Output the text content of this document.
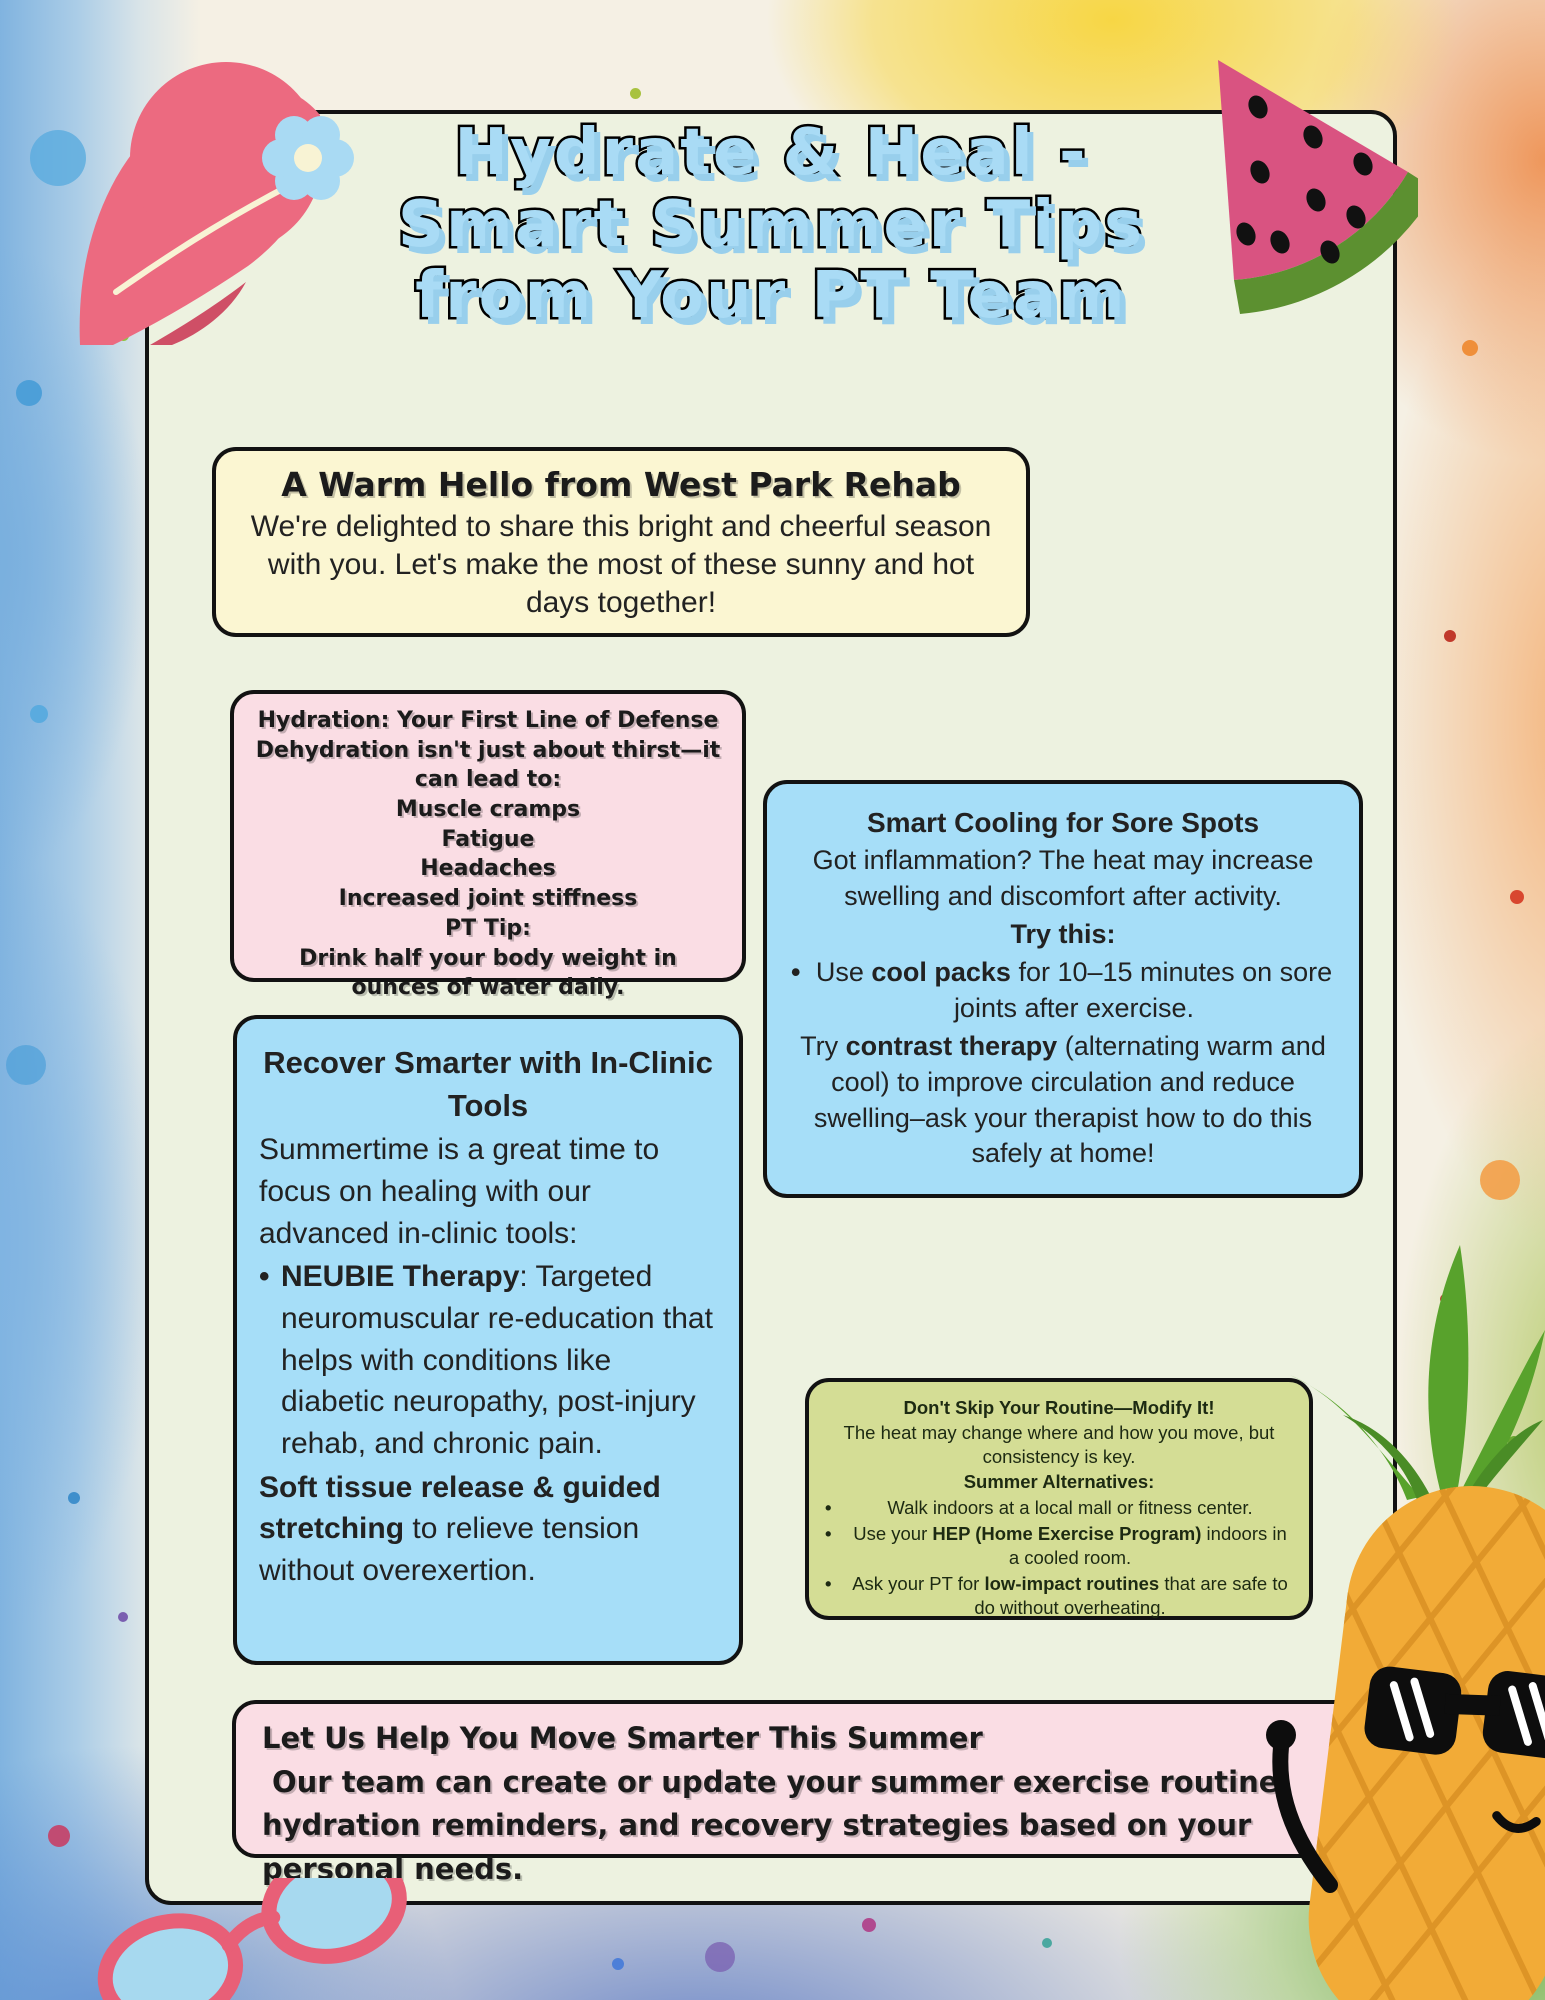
Hydrate & Heal -
Smart Summer Tips
from Your PT Team
A Warm Hello from West Park Rehab

We're delighted to share this bright and cheerful season with you. Let's make the most of these sunny and hot days together!

Hydration: Your First Line of Defense
Dehydration isn't just about thirst—it can lead to:
Muscle cramps
Fatigue
Headaches
Increased joint stiffness
PT Tip:
Drink half your body weight in ounces of water daily.
Smart Cooling for Sore Spots

Got inflammation? The heat may increase swelling and discomfort after activity.

Try this:

•
Use cool packs for 10–15 minutes on sore joints after exercise.

Try contrast therapy (alternating warm and cool) to improve circulation and reduce swelling–ask your therapist how to do this safely at home!

Recover Smarter with In-Clinic Tools

Summertime is a great time to focus on healing with our advanced in-clinic tools:

•
NEUBIE Therapy: Targeted neuromuscular re-education that helps with conditions like diabetic neuropathy, post-injury rehab, and chronic pain.

Soft tissue release & guided stretching to relieve tension without overexertion.

Don't Skip Your Routine—Modify It!

The heat may change where and how you move, but consistency is key.

Summer Alternatives:

•
Walk indoors at a local mall or fitness center.
•
Use your HEP (Home Exercise Program) indoors in a cooled room.
•
Ask your PT for low-impact routines that are safe to do without overheating.
Let Us Help You Move Smarter This Summer
Our team can create or update your summer exercise routine, hydration reminders, and recovery strategies based on your personal needs.
